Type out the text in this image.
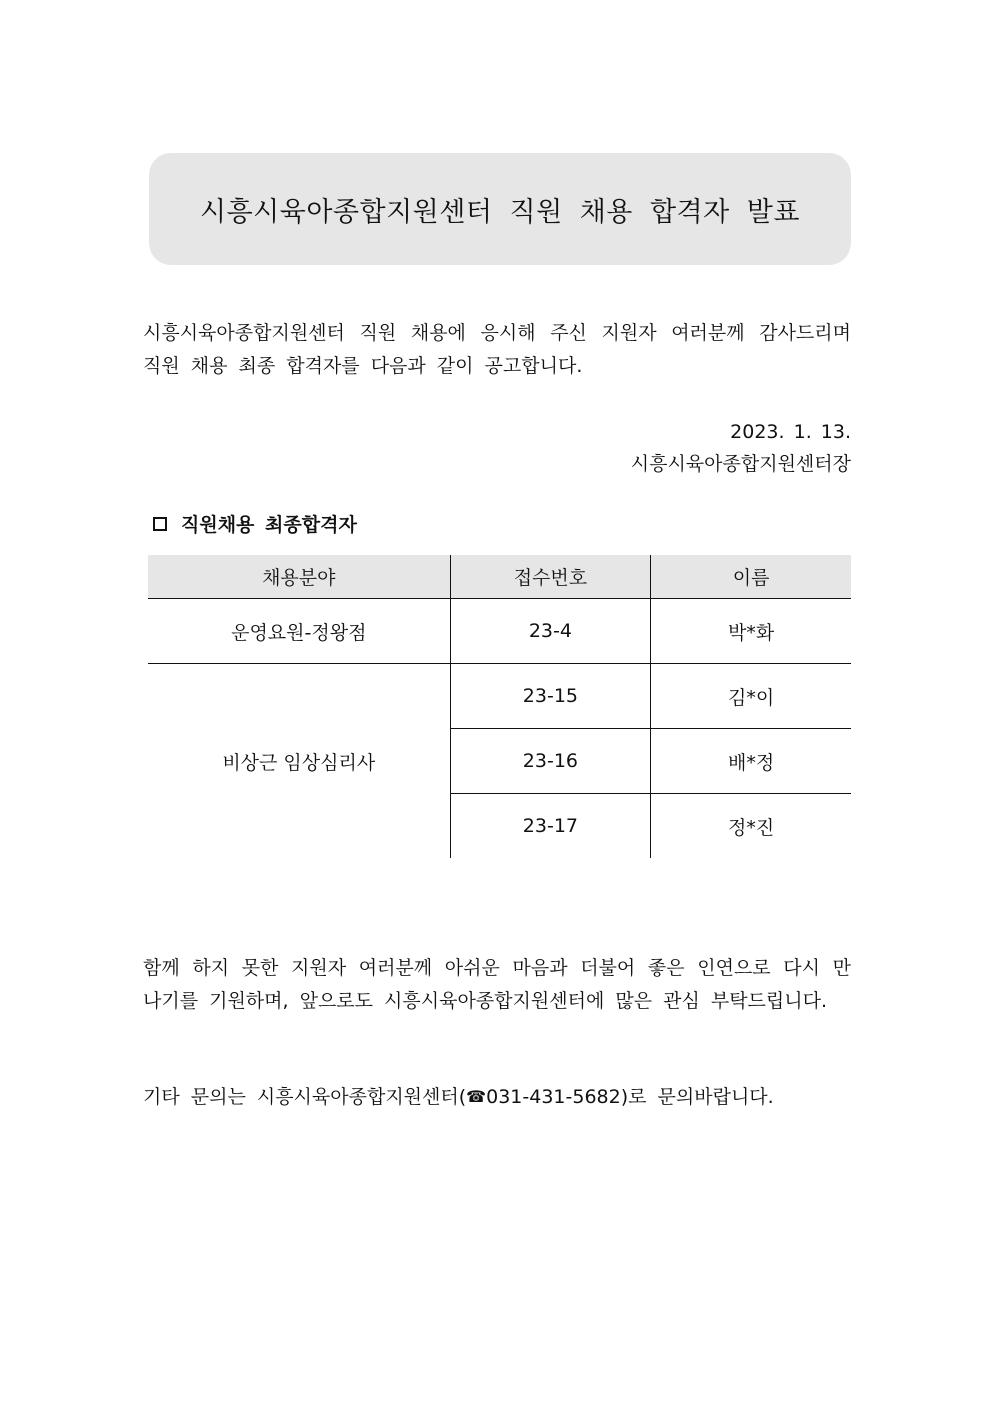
시흥시육아종합지원센터 직원 채용 합격자 발표
시흥시육아종합지원센터 직원 채용에 응시해 주신 지원자 여러분께 감사드리며 직원 채용 최종 합격자를 다음과 같이 공고합니다.
2023. 1. 13.
시흥시육아종합지원센터장
직원채용 최종합격자
채용분야	접수번호	이름
운영요원-정왕점	23-4	박*화
비상근 임상심리사	23-15	김*이
	23-16	배*정
	23-17	정*진
함께 하지 못한 지원자 여러분께 아쉬운 마음과 더불어 좋은 인연으로 다시 만나기를 기원하며, 앞으로도 시흥시육아종합지원센터에 많은 관심 부탁드립니다.
기타 문의는 시흥시육아종합지원센터(☎031-431-5682)로 문의바랍니다.
